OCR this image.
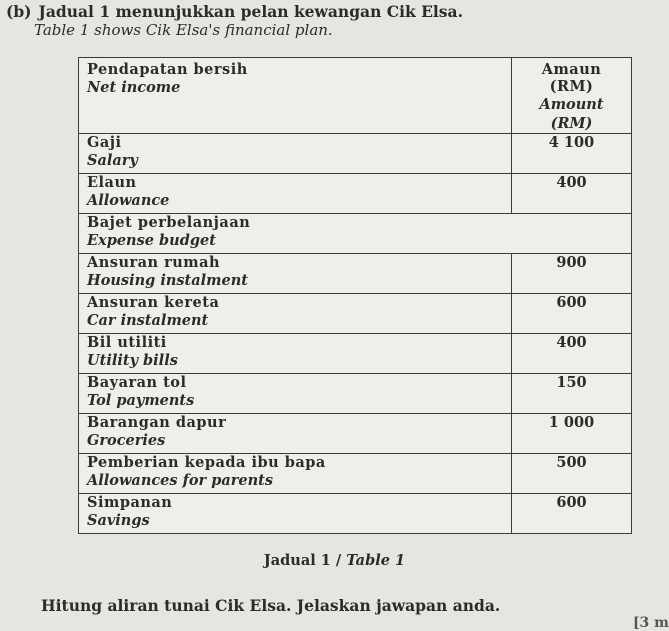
(b) Jadual 1 menunjukkan pelan kewangan Cik Elsa.
Table 1 shows Cik Elsa's financial plan.
Pendapatan bersih
Net income	Amaun (RM)
Amount (RM)

Gaji
Salary	4 100

Elaun
Allowance	400

Bajet perbelanjaan
Expense budget	

Ansuran rumah
Housing instalment	900

Ansuran kereta
Car instalment	600

Bil utiliti
Utility bills	400

Bayaran tol
Tol payments	150

Barangan dapur
Groceries	1 000

Pemberian kepada ibu bapa
Allowances for parents	500

Simpanan
Savings	600
Jadual 1 / Table 1
Hitung aliran tunai Cik Elsa. Jelaskan jawapan anda.
[3 m
